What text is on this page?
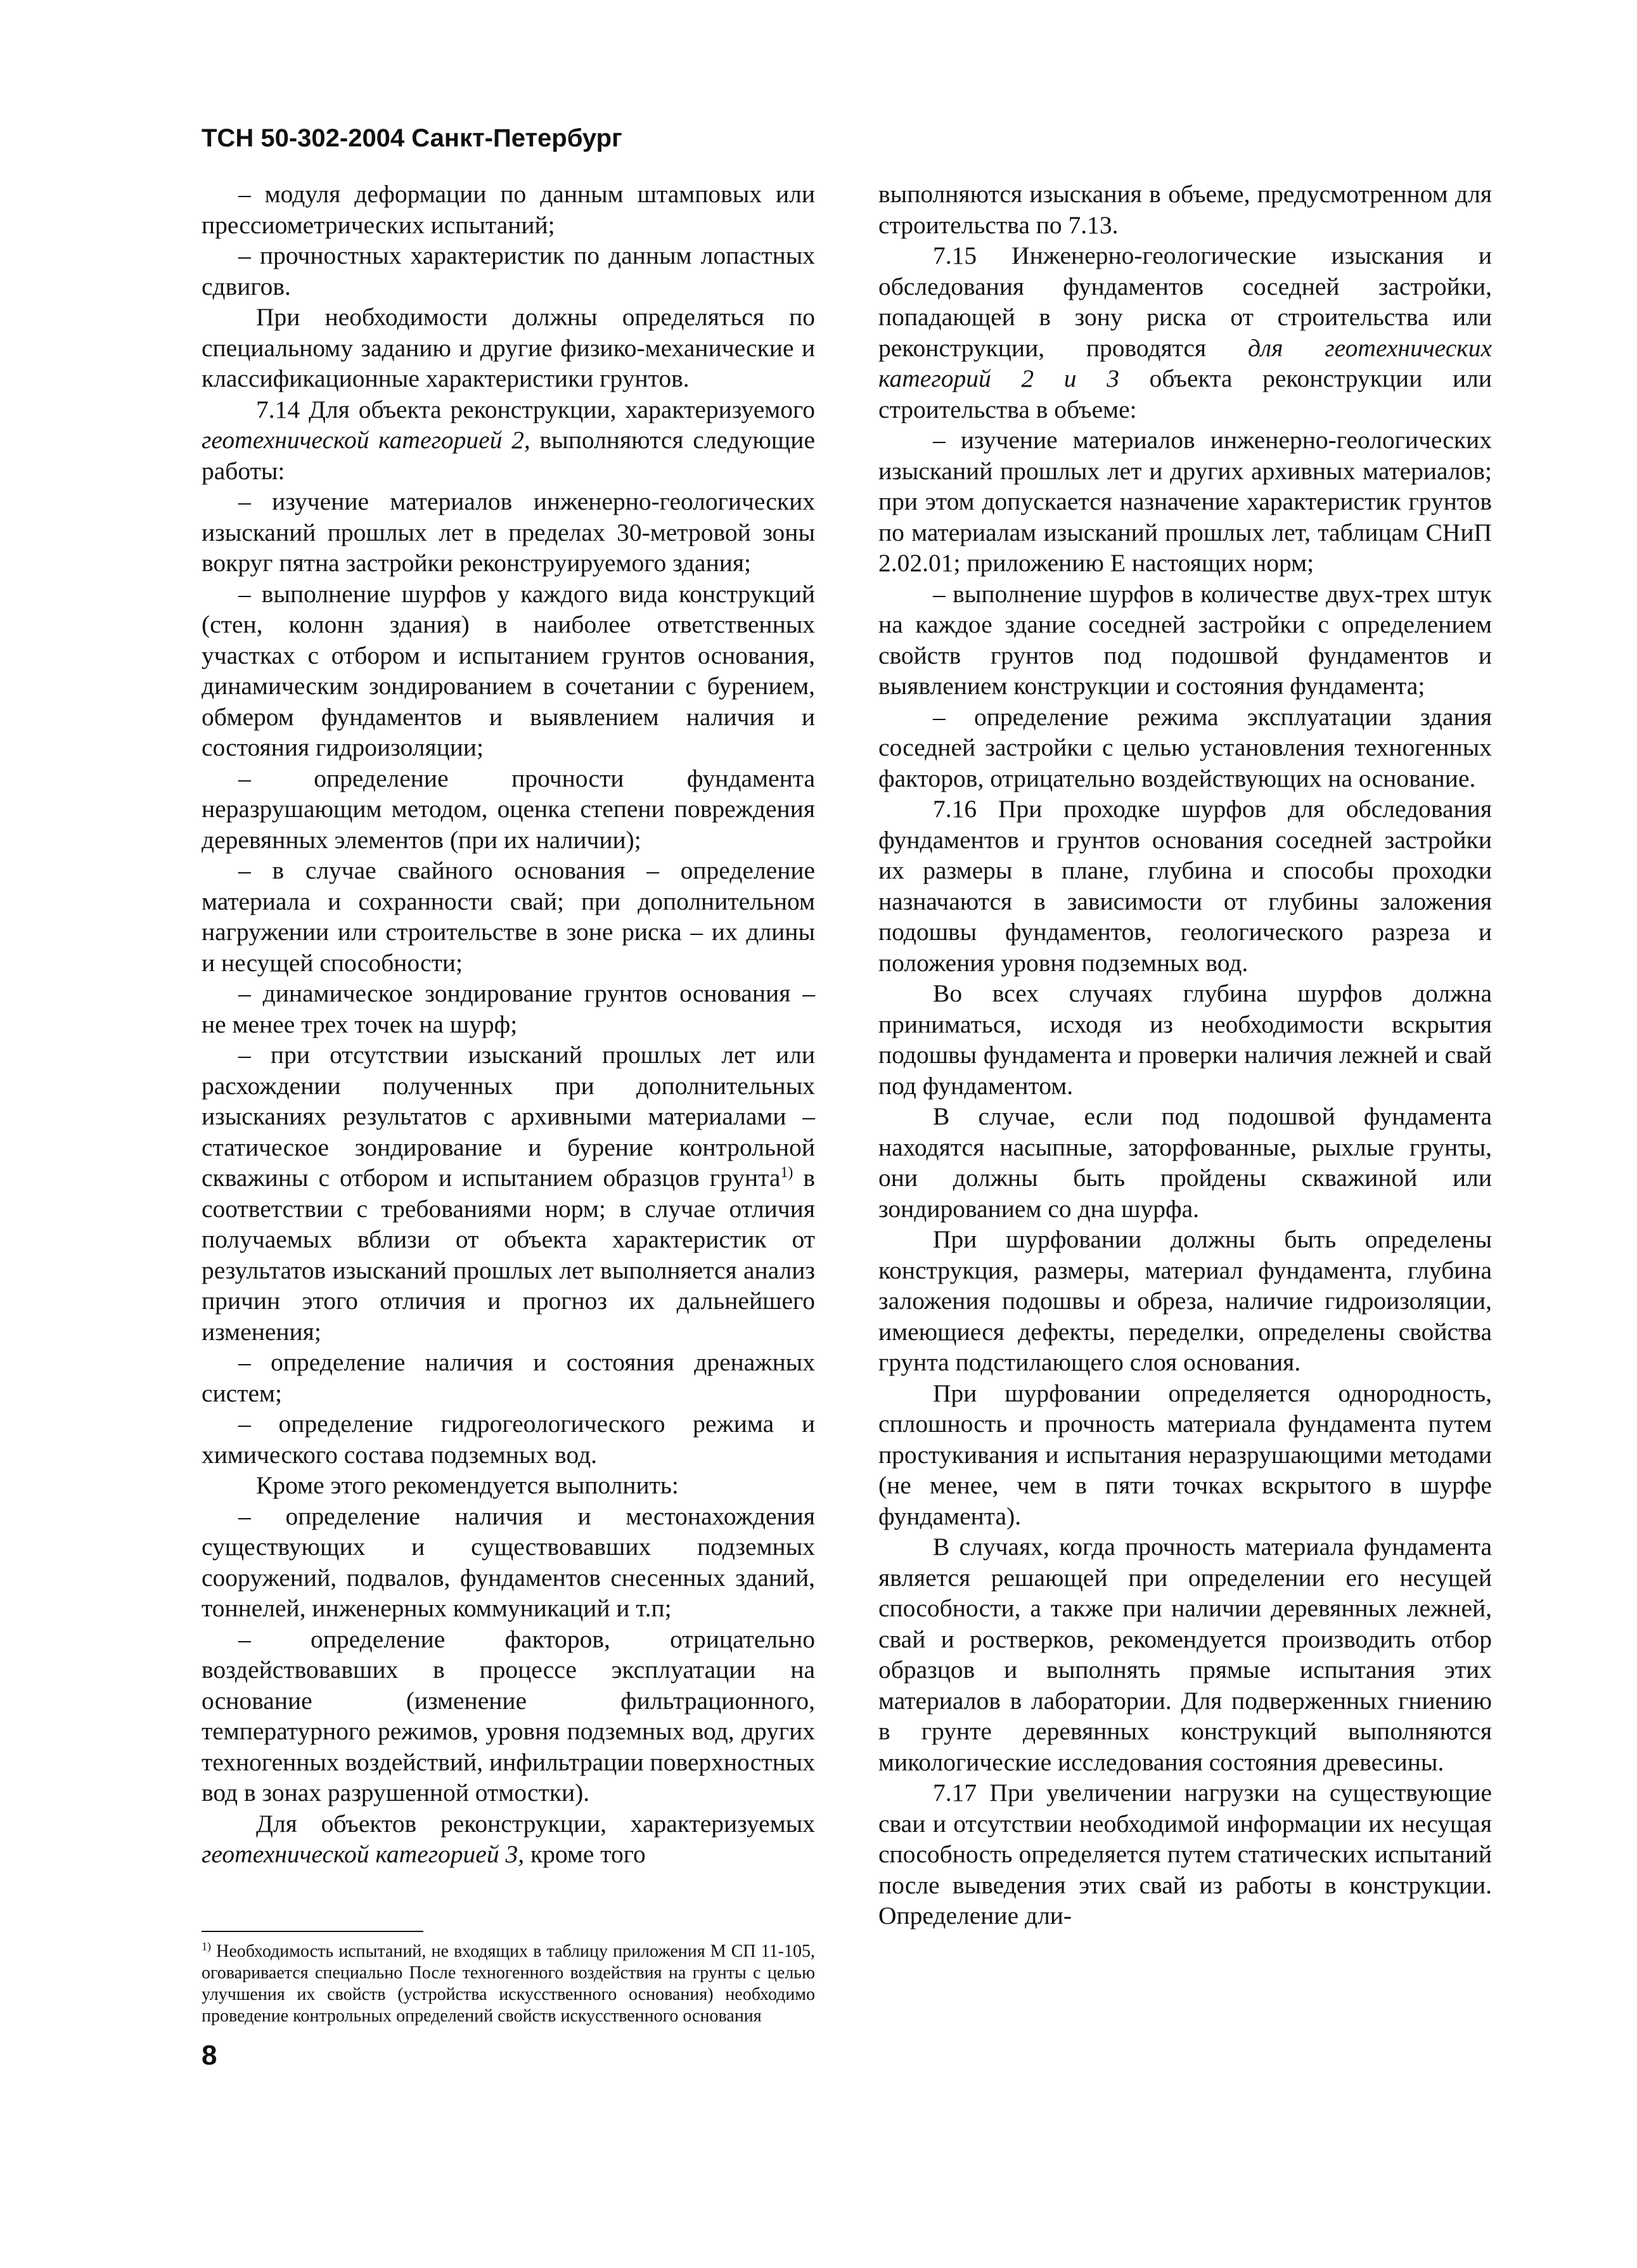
ТСН 50-302-2004 Санкт-Петербург

– модуля деформации по данным штамповых или прессиометрических испытаний;

– прочностных характеристик по данным лопастных сдвигов.

При необходимости должны определяться по специальному заданию и другие физико-механические и классификационные характеристики грунтов.

7.14 Для объекта реконструкции, характеризуемого геотехнической категорией 2, выполняются следующие работы:

– изучение материалов инженерно-геологических изысканий прошлых лет в пределах 30-метровой зоны вокруг пятна застройки реконструируемого здания;

– выполнение шурфов у каждого вида конструкций (стен, колонн здания) в наиболее ответственных участках с отбором и испытанием грунтов основания, динамическим зондированием в сочетании с бурением, обмером фундаментов и выявлением наличия и состояния гидроизоляции;

– определение прочности фундамента неразрушающим методом, оценка степени повреждения деревянных элементов (при их наличии);

– в случае свайного основания – определение материала и сохранности свай; при дополнительном нагружении или строительстве в зоне риска – их длины и несущей способности;

– динамическое зондирование грунтов основания – не менее трех точек на шурф;

– при отсутствии изысканий прошлых лет или расхождении полученных при дополнительных изысканиях результатов с архивными материалами – статическое зондирование и бурение контрольной скважины с отбором и испытанием образцов грунта$^{1)}$ в соответствии с требованиями норм; в случае отличия получаемых вблизи от объекта характеристик от результатов изысканий прошлых лет выполняется анализ причин этого отличия и прогноз их дальнейшего изменения;

– определение наличия и состояния дренажных систем;

– определение гидрогеологического режима и химического состава подземных вод.

Кроме этого рекомендуется выполнить:

– определение наличия и местонахождения существующих и существовавших подземных сооружений, подвалов, фундаментов снесенных зданий, тоннелей, инженерных коммуникаций и т.п;

– определение факторов, отрицательно воздействовавших в процессе эксплуатации на основание (изменение фильтрационного, температурного режимов, уровня подземных вод, других техногенных воздействий, инфильтрации поверхностных вод в зонах разрушенной отмостки).

Для объектов реконструкции, характеризуемых геотехнической категорией 3, кроме того

выполняются изыскания в объеме, предусмотренном для строительства по 7.13.

7.15 Инженерно-геологические изыскания и обследования фундаментов соседней застройки, попадающей в зону риска от строительства или реконструкции, проводятся для геотехнических категорий 2 и 3 объекта реконструкции или строительства в объеме:

– изучение материалов инженерно-геологических изысканий прошлых лет и других архивных материалов; при этом допускается назначение характеристик грунтов по материалам изысканий прошлых лет, таблицам СНиП 2.02.01; приложению Е настоящих норм;

– выполнение шурфов в количестве двух-трех штук на каждое здание соседней застройки с определением свойств грунтов под подошвой фундаментов и выявлением конструкции и состояния фундамента;

– определение режима эксплуатации здания соседней застройки с целью установления техногенных факторов, отрицательно воздействующих на основание.

7.16 При проходке шурфов для обследования фундаментов и грунтов основания соседней застройки их размеры в плане, глубина и способы проходки назначаются в зависимости от глубины заложения подошвы фундаментов, геологического разреза и положения уровня подземных вод.

Во всех случаях глубина шурфов должна приниматься, исходя из необходимости вскрытия подошвы фундамента и проверки наличия лежней и свай под фундаментом.

В случае, если под подошвой фундамента находятся насыпные, заторфованные, рыхлые грунты, они должны быть пройдены скважиной или зондированием со дна шурфа.

При шурфовании должны быть определены конструкция, размеры, материал фундамента, глубина заложения подошвы и обреза, наличие гидроизоляции, имеющиеся дефекты, переделки, определены свойства грунта подстилающего слоя основания.

При шурфовании определяется однородность, сплошность и прочность материала фундамента путем простукивания и испытания неразрушающими методами (не менее, чем в пяти точках вскрытого в шурфе фундамента).

В случаях, когда прочность материала фундамента является решающей при определении его несущей способности, а также при наличии деревянных лежней, свай и ростверков, рекомендуется производить отбор образцов и выполнять прямые испытания этих материалов в лаборатории. Для подверженных гниению в грунте деревянных конструкций выполняются микологические исследования состояния древесины.

7.17 При увеличении нагрузки на существующие сваи и отсутствии необходимой информации их несущая способность определяется путем статических испытаний после выведения этих свай из работы в конструкции. Определение дли-

$^{1)}$ Необходимость испытаний, не входящих в таблицу приложения М СП 11-105, оговаривается специально После техногенного воздействия на грунты с целью улучшения их свойств (устройства искусственного основания) необходимо проведение контрольных определений свойств искусственного основания
8
